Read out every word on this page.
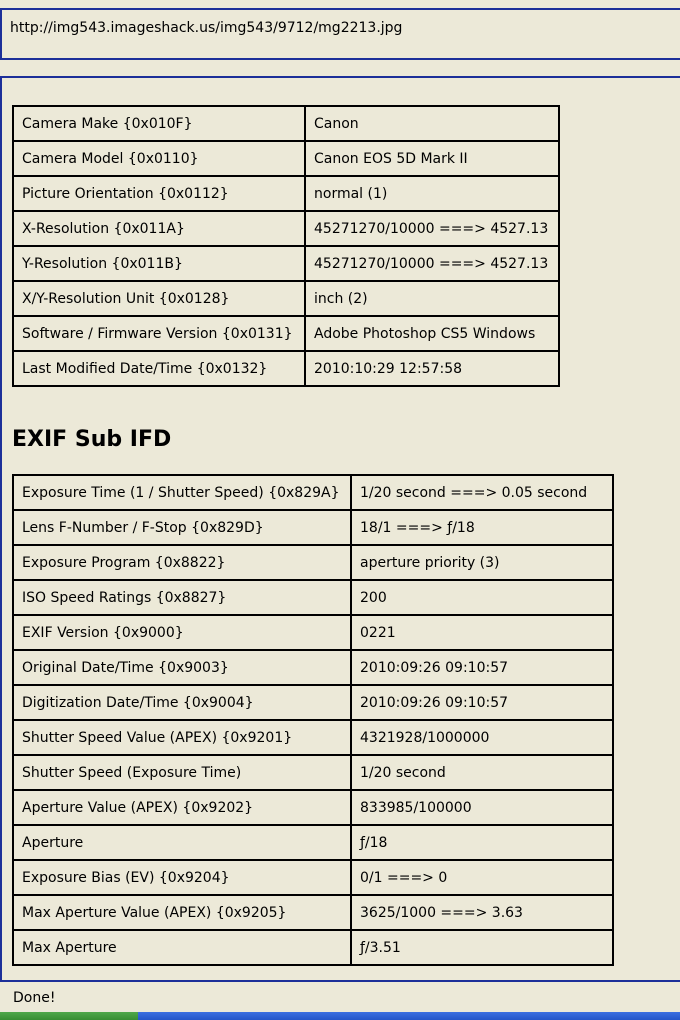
http://img543.imageshack.us/img543/9712/mg2213.jpg
Camera Make {0x010F}	Canon
Camera Model {0x0110}	Canon EOS 5D Mark II
Picture Orientation {0x0112}	normal (1)
X-Resolution {0x011A}	45271270/10000 ===> 4527.13
Y-Resolution {0x011B}	45271270/10000 ===> 4527.13
X/Y-Resolution Unit {0x0128}	inch (2)
Software / Firmware Version {0x0131}	Adobe Photoshop CS5 Windows
Last Modified Date/Time {0x0132}	2010:10:29 12:57:58
EXIF Sub IFD
Exposure Time (1 / Shutter Speed) {0x829A}	1/20 second ===> 0.05 second
Lens F-Number / F-Stop {0x829D}	18/1 ===> ƒ/18
Exposure Program {0x8822}	aperture priority (3)
ISO Speed Ratings {0x8827}	200
EXIF Version {0x9000}	0221
Original Date/Time {0x9003}	2010:09:26 09:10:57
Digitization Date/Time {0x9004}	2010:09:26 09:10:57
Shutter Speed Value (APEX) {0x9201}	4321928/1000000
Shutter Speed (Exposure Time)	1/20 second
Aperture Value (APEX) {0x9202}	833985/100000
Aperture	ƒ/18
Exposure Bias (EV) {0x9204}	0/1 ===> 0
Max Aperture Value (APEX) {0x9205}	3625/1000 ===> 3.63
Max Aperture	ƒ/3.51
Done!
